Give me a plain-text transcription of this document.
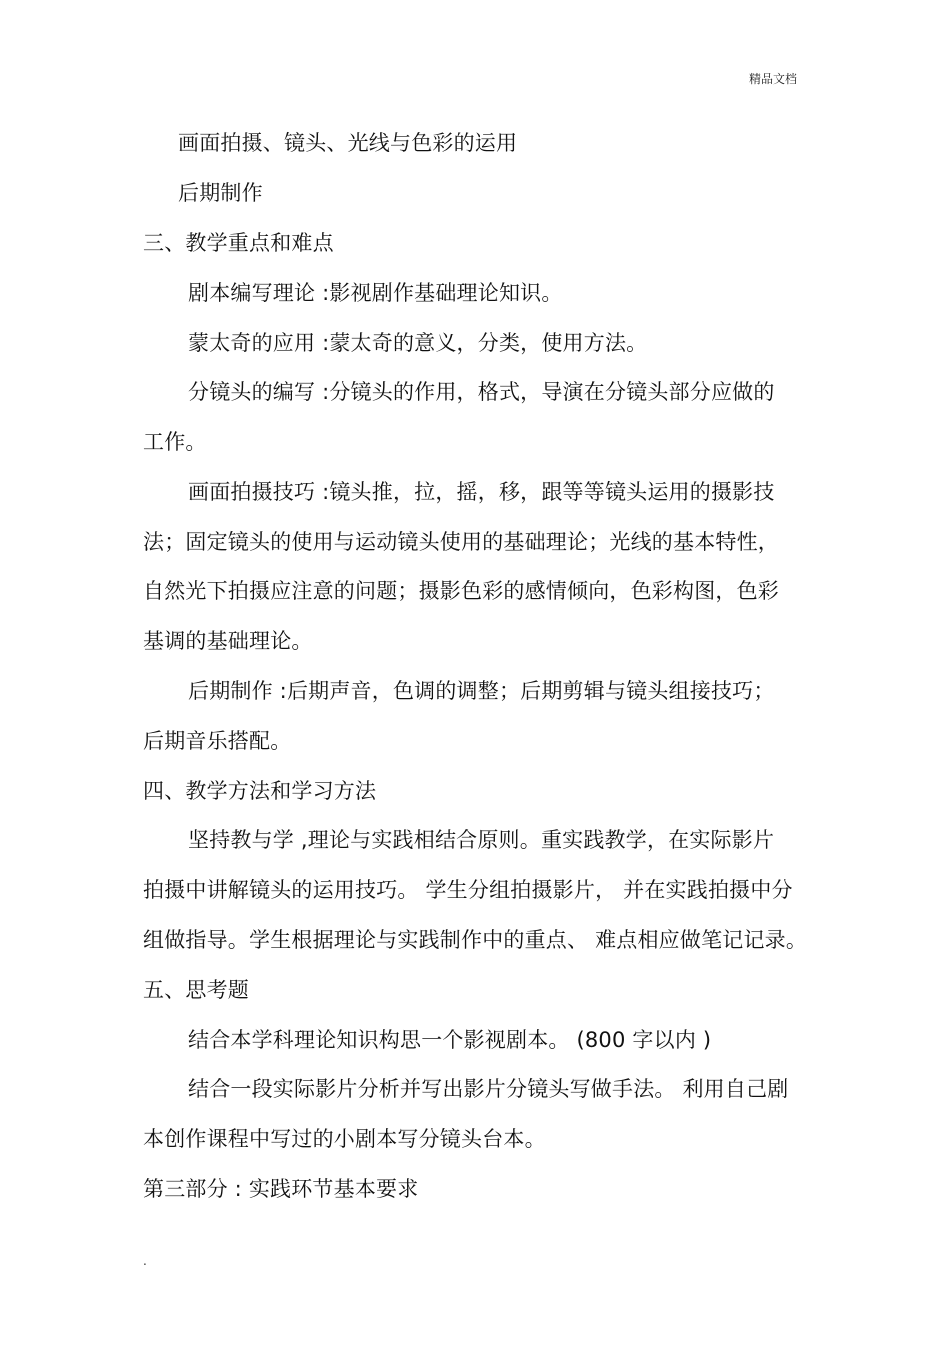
精品文档
画面拍摄、镜头、光线与色彩的运用
后期制作
三、教学重点和难点
剧本编写理论 :影视剧作基础理论知识。
蒙太奇的应用 :蒙太奇的意义，分类，使用方法。
分镜头的编写 :分镜头的作用，格式，导演在分镜头部分应做的
工作。
画面拍摄技巧 :镜头推，拉，摇，移，跟等等镜头运用的摄影技
法；固定镜头的使用与运动镜头使用的基础理论；光线的基本特性，
自然光下拍摄应注意的问题；摄影色彩的感情倾向，色彩构图，色彩
基调的基础理论。
后期制作 :后期声音，色调的调整；后期剪辑与镜头组接技巧；
后期音乐搭配。
四、教学方法和学习方法
坚持教与学 ,理论与实践相结合原则。重实践教学，在实际影片
拍摄中讲解镜头的运用技巧。 学生分组拍摄影片， 并在实践拍摄中分
组做指导。学生根据理论与实践制作中的重点、 难点相应做笔记记录。
五、思考题
结合本学科理论知识构思一个影视剧本。 (800 字以内 )
结合一段实际影片分析并写出影片分镜头写做手法。 利用自己剧
本创作课程中写过的小剧本写分镜头台本。
第三部分 : 实践环节基本要求
.
